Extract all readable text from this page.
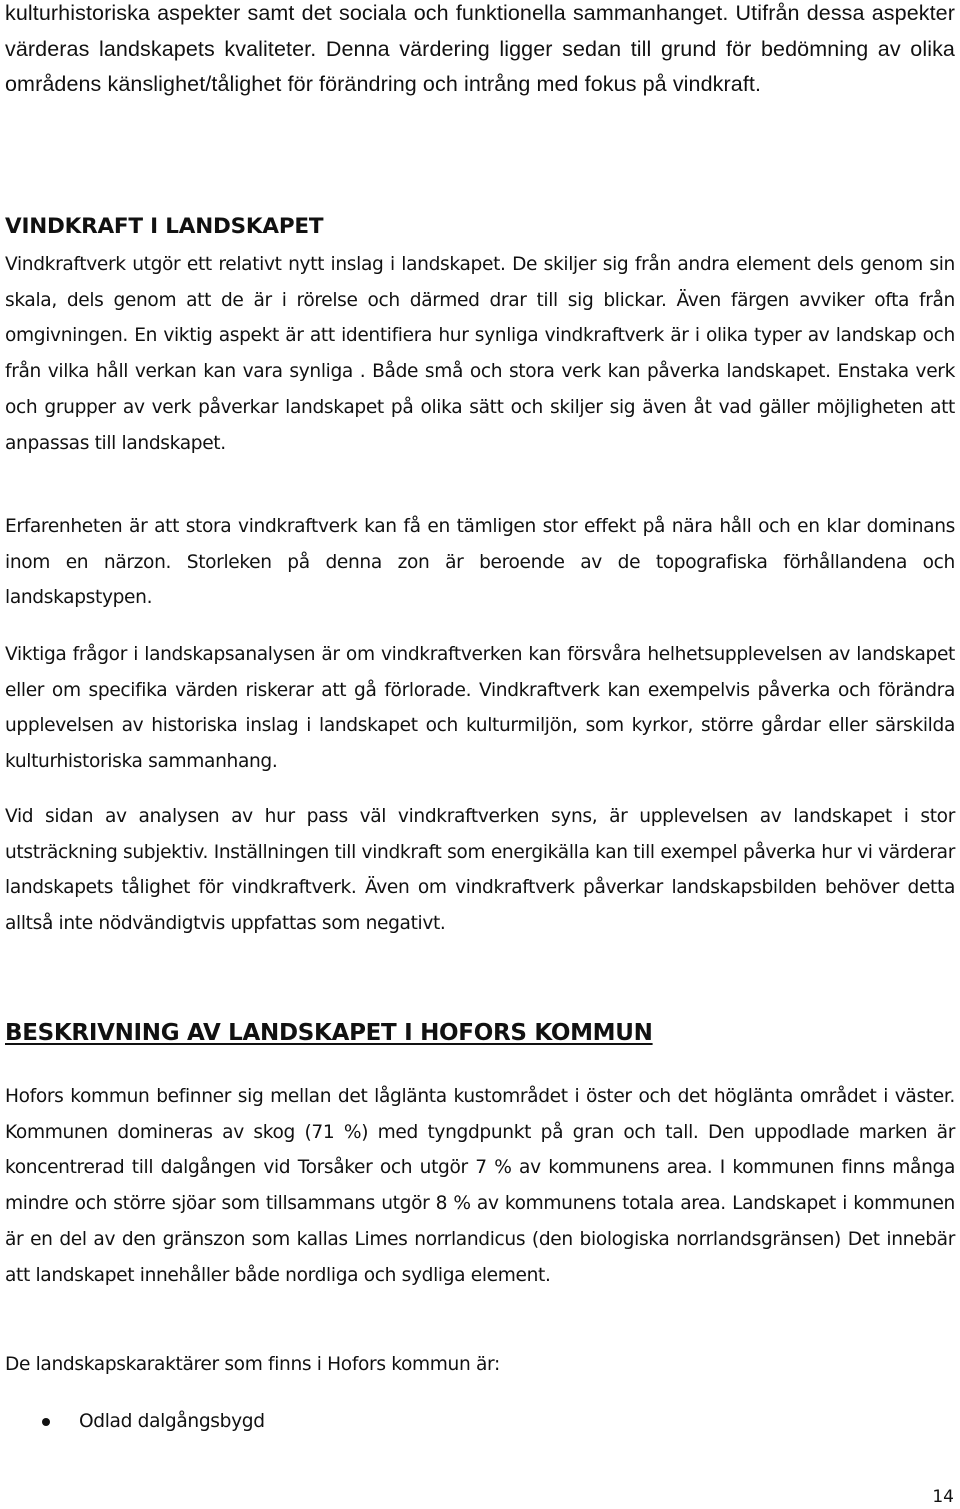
kulturhistoriska aspekter samt det sociala och funktionella sammanhanget. Utifrån dessa aspekter värderas landskapets kvaliteter. Denna värdering ligger sedan till grund för bedömning av olika områdens känslighet/tålighet för förändring och intrång med fokus på vindkraft.

VINDKRAFT I LANDSKAPET

Vindkraftverk utgör ett relativt nytt inslag i landskapet. De skiljer sig från andra element dels genom sin skala, dels genom att de är i rörelse och därmed drar till sig blickar. Även färgen avviker ofta från omgivningen. En viktig aspekt är att identifiera hur synliga vindkraftverk är i olika typer av landskap och från vilka håll verkan kan vara synliga . Både små och stora verk kan påverka landskapet. Enstaka verk och grupper av verk påverkar landskapet på olika sätt och skiljer sig även åt vad gäller möjligheten att anpassas till landskapet.

Erfarenheten är att stora vindkraftverk kan få en tämligen stor effekt på nära håll och en klar dominans inom en närzon. Storleken på denna zon är beroende av de topografiska förhållandena och landskapstypen.

Viktiga frågor i landskapsanalysen är om vindkraftverken kan försvåra helhetsupplevelsen av landskapet eller om specifika värden riskerar att gå förlorade. Vindkraftverk kan exempelvis påverka och förändra upplevelsen av historiska inslag i landskapet och kulturmiljön, som kyrkor, större gårdar eller särskilda kulturhistoriska sammanhang.

Vid sidan av analysen av hur pass väl vindkraftverken syns, är upplevelsen av landskapet i stor utsträckning subjektiv. Inställningen till vindkraft som energikälla kan till exempel påverka hur vi värderar landskapets tålighet för vindkraftverk. Även om vindkraftverk påverkar landskapsbilden behöver detta alltså inte nödvändigtvis uppfattas som negativt.

BESKRIVNING AV LANDSKAPET I HOFORS KOMMUN

Hofors kommun befinner sig mellan det låglänta kustområdet i öster och det höglänta området i väster. Kommunen domineras av skog (71 %) med tyngdpunkt på gran och tall. Den uppodlade marken är koncentrerad till dalgången vid Torsåker och utgör 7 % av kommunens area. I kommunen finns många mindre och större sjöar som tillsammans utgör 8 % av kommunens totala area. Landskapet i kommunen är en del av den gränszon som kallas Limes norrlandicus (den biologiska norrlandsgränsen) Det innebär att landskapet innehåller både nordliga och sydliga element.

De landskapskaraktärer som finns i Hofors kommun är:

Odlad dalgångsbygd
14
